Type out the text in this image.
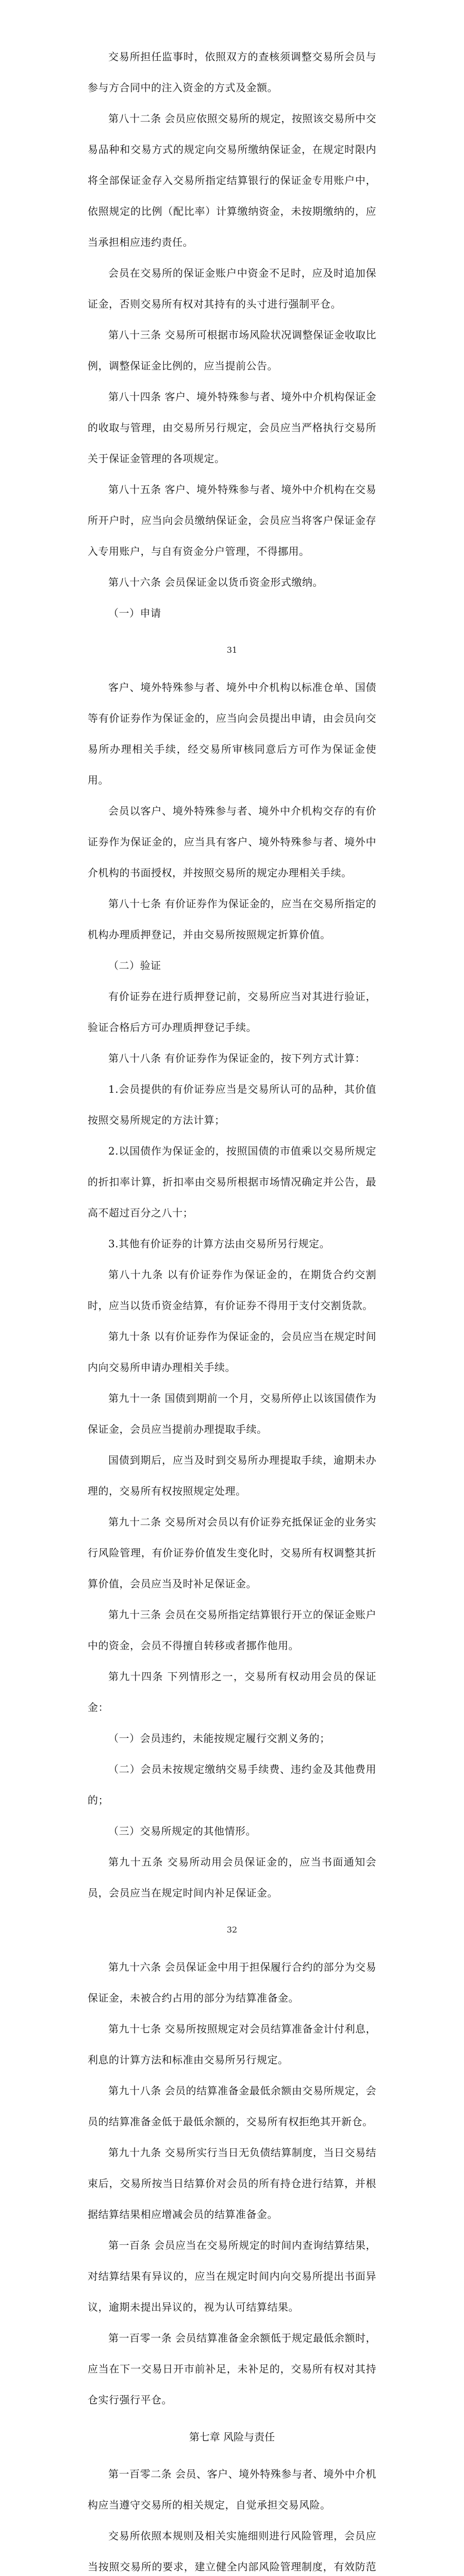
交易所担任监事时，依照双方的查核须调整交易所会员与参与方合同中的注入资金的方式及金额。
第八十二条 会员应依照交易所的规定，按照该交易所中交易品种和交易方式的规定向交易所缴纳保证金，在规定时限内将全部保证金存入交易所指定结算银行的保证金专用账户中，依照规定的比例（配比率）计算缴纳资金，未按期缴纳的，应当承担相应违约责任。
会员在交易所的保证金账户中资金不足时，应及时追加保证金，否则交易所有权对其持有的头寸进行强制平仓。
第八十三条 交易所可根据市场风险状况调整保证金收取比例，调整保证金比例的，应当提前公告。
第八十四条 客户、境外特殊参与者、境外中介机构保证金的收取与管理，由交易所另行规定，会员应当严格执行交易所关于保证金管理的各项规定。
第八十五条 客户、境外特殊参与者、境外中介机构在交易所开户时，应当向会员缴纳保证金，会员应当将客户保证金存入专用账户，与自有资金分户管理，不得挪用。
第八十六条 会员保证金以货币资金形式缴纳。
（一）申请
31
客户、境外特殊参与者、境外中介机构以标准仓单、国债等有价证券作为保证金的，应当向会员提出申请，由会员向交易所办理相关手续，经交易所审核同意后方可作为保证金使用。
会员以客户、境外特殊参与者、境外中介机构交存的有价证券作为保证金的，应当具有客户、境外特殊参与者、境外中介机构的书面授权，并按照交易所的规定办理相关手续。
第八十七条 有价证券作为保证金的，应当在交易所指定的机构办理质押登记，并由交易所按照规定折算价值。
（二）验证
有价证券在进行质押登记前，交易所应当对其进行验证，验证合格后方可办理质押登记手续。
第八十八条 有价证券作为保证金的，按下列方式计算：
1.会员提供的有价证券应当是交易所认可的品种，其价值按照交易所规定的方法计算；
2.以国债作为保证金的，按照国债的市值乘以交易所规定的折扣率计算，折扣率由交易所根据市场情况确定并公告，最高不超过百分之八十；
3.其他有价证券的计算方法由交易所另行规定。
第八十九条 以有价证券作为保证金的，在期货合约交割时，应当以货币资金结算，有价证券不得用于支付交割货款。
第九十条 以有价证券作为保证金的，会员应当在规定时间内向交易所申请办理相关手续。
第九十一条 国债到期前一个月，交易所停止以该国债作为保证金，会员应当提前办理提取手续。
国债到期后，应当及时到交易所办理提取手续，逾期未办理的，交易所有权按照规定处理。
第九十二条 交易所对会员以有价证券充抵保证金的业务实行风险管理，有价证券价值发生变化时，交易所有权调整其折算价值，会员应当及时补足保证金。
第九十三条 会员在交易所指定结算银行开立的保证金账户中的资金，会员不得擅自转移或者挪作他用。
第九十四条 下列情形之一，交易所有权动用会员的保证金：
（一）会员违约，未能按规定履行交割义务的；
（二）会员未按规定缴纳交易手续费、违约金及其他费用的；
（三）交易所规定的其他情形。
第九十五条 交易所动用会员保证金的，应当书面通知会员，会员应当在规定时间内补足保证金。
32
第九十六条 会员保证金中用于担保履行合约的部分为交易保证金，未被合约占用的部分为结算准备金。
第九十七条 交易所按照规定对会员结算准备金计付利息，利息的计算方法和标准由交易所另行规定。
第九十八条 会员的结算准备金最低余额由交易所规定，会员的结算准备金低于最低余额的，交易所有权拒绝其开新仓。
第九十九条 交易所实行当日无负债结算制度，当日交易结束后，交易所按当日结算价对会员的所有持仓进行结算，并根据结算结果相应增减会员的结算准备金。
第一百条 会员应当在交易所规定的时间内查询结算结果，对结算结果有异议的，应当在规定时间内向交易所提出书面异议，逾期未提出异议的，视为认可结算结果。
第一百零一条 会员结算准备金余额低于规定最低余额时，应当在下一交易日开市前补足，未补足的，交易所有权对其持仓实行强行平仓。
第七章 风险与责任
第一百零二条 会员、客户、境外特殊参与者、境外中介机构应当遵守交易所的相关规定，自觉承担交易风险。
交易所依照本规则及相关实施细则进行风险管理，会员应当按照交易所的要求，建立健全内部风险管理制度，有效防范
